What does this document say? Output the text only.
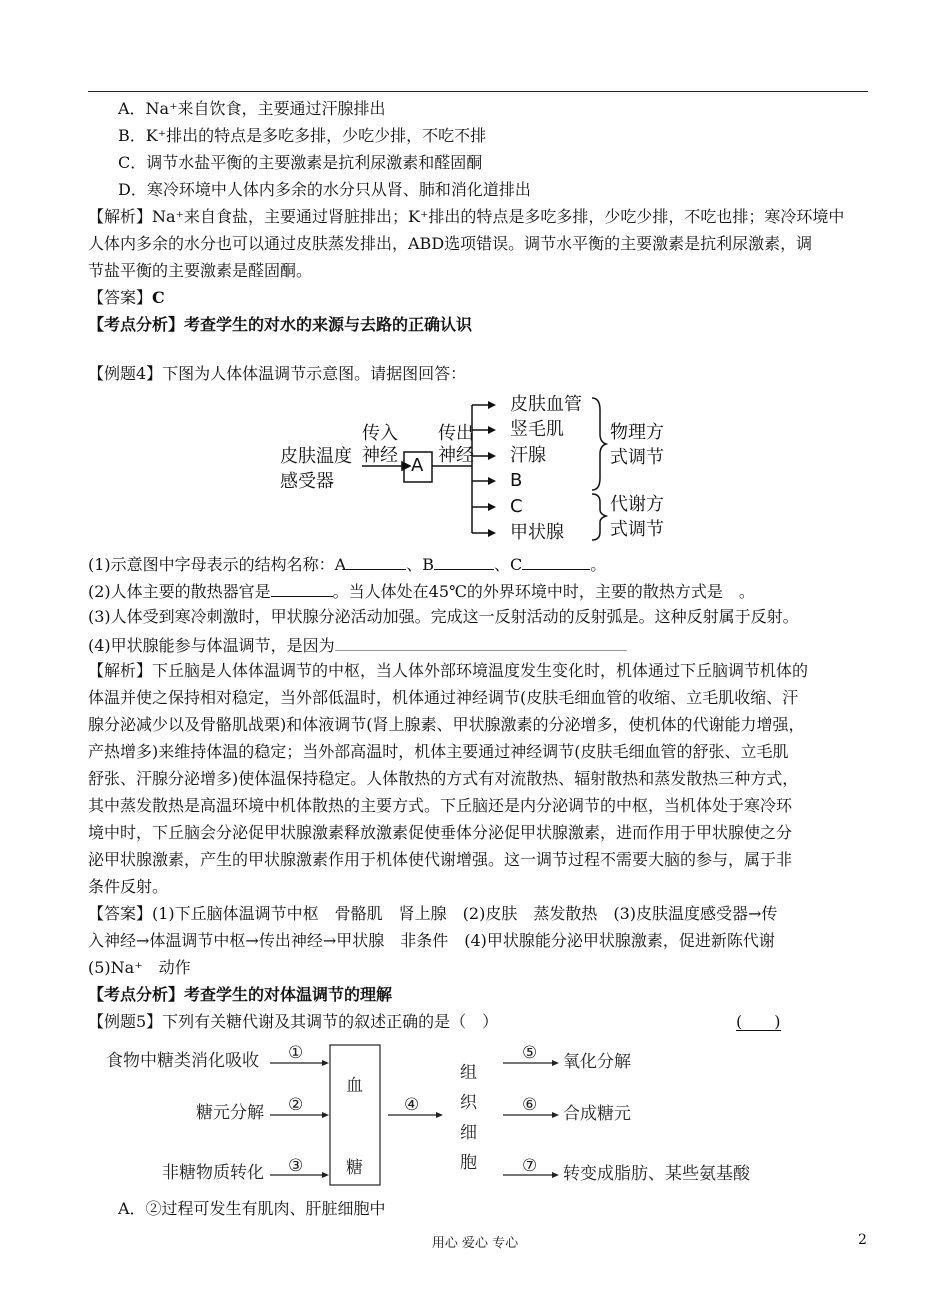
A．Na⁺来自饮食，主要通过汗腺排出
B．K⁺排出的特点是多吃多排，少吃少排，不吃不排
C．调节水盐平衡的主要激素是抗利尿激素和醛固酮
D．寒冷环境中人体内多余的水分只从肾、肺和消化道排出
【解析】Na⁺来自食盐，主要通过肾脏排出；K⁺排出的特点是多吃多排，少吃少排，不吃也排；寒冷环境中
人体内多余的水分也可以通过皮肤蒸发排出，ABD选项错误。调节水平衡的主要激素是抗利尿激素，调
节盐平衡的主要激素是醛固酮。
【答案】C
【考点分析】考查学生的对水的来源与去路的正确认识
【例题4】下图为人体体温调节示意图。请据图回答：
皮肤温度
感受器
传入
神经 A
传出
神经
皮肤血管
竖毛肌
汗腺
B
C
甲状腺
物理方
式调节
代谢方
式调节
(1)示意图中字母表示的结构名称：A	、B	、C	。
(2)人体主要的散热器官是	。当人体处在45℃的外界环境中时，主要的散热方式是　。
(3)人体受到寒冷刺激时，甲状腺分泌活动加强。完成这一反射活动的反射弧是。这种反射属于反射。
(4)甲状腺能参与体温调节，是因为
【解析】下丘脑是人体体温调节的中枢，当人体外部环境温度发生变化时，机体通过下丘脑调节机体的
体温并使之保持相对稳定，当外部低温时，机体通过神经调节(皮肤毛细血管的收缩、立毛肌收缩、汗
腺分泌减少以及骨骼肌战栗)和体液调节(肾上腺素、甲状腺激素的分泌增多，使机体的代谢能力增强，
产热增多)来维持体温的稳定；当外部高温时，机体主要通过神经调节(皮肤毛细血管的舒张、立毛肌
舒张、汗腺分泌增多)使体温保持稳定。人体散热的方式有对流散热、辐射散热和蒸发散热三种方式，
其中蒸发散热是高温环境中机体散热的主要方式。下丘脑还是内分泌调节的中枢，当机体处于寒冷环
境中时，下丘脑会分泌促甲状腺激素释放激素促使垂体分泌促甲状腺激素，进而作用于甲状腺使之分
泌甲状腺激素，产生的甲状腺激素作用于机体使代谢增强。这一调节过程不需要大脑的参与，属于非
条件反射。
【答案】(1)下丘脑体温调节中枢　骨骼肌　肾上腺　(2)皮肤　蒸发散热　(3)皮肤温度感受器→传
入神经→体温调节中枢→传出神经→甲状腺　非条件　(4)甲状腺能分泌甲状腺激素，促进新陈代谢
(5)Na⁺　动作
【考点分析】考查学生的对体温调节的理解
【例题5】下列有关糖代谢及其调节的叙述正确的是（　）	(　　)
食物中糖类消化吸收
糖元分解
非糖物质转化
①
②
③
④
⑤
⑥
⑦
血
糖
组
织
细
胞
氧化分解
合成糖元
转变成脂肪、某些氨基酸
A．②过程可发生有肌肉、肝脏细胞中
用心 爱心 专心	2
